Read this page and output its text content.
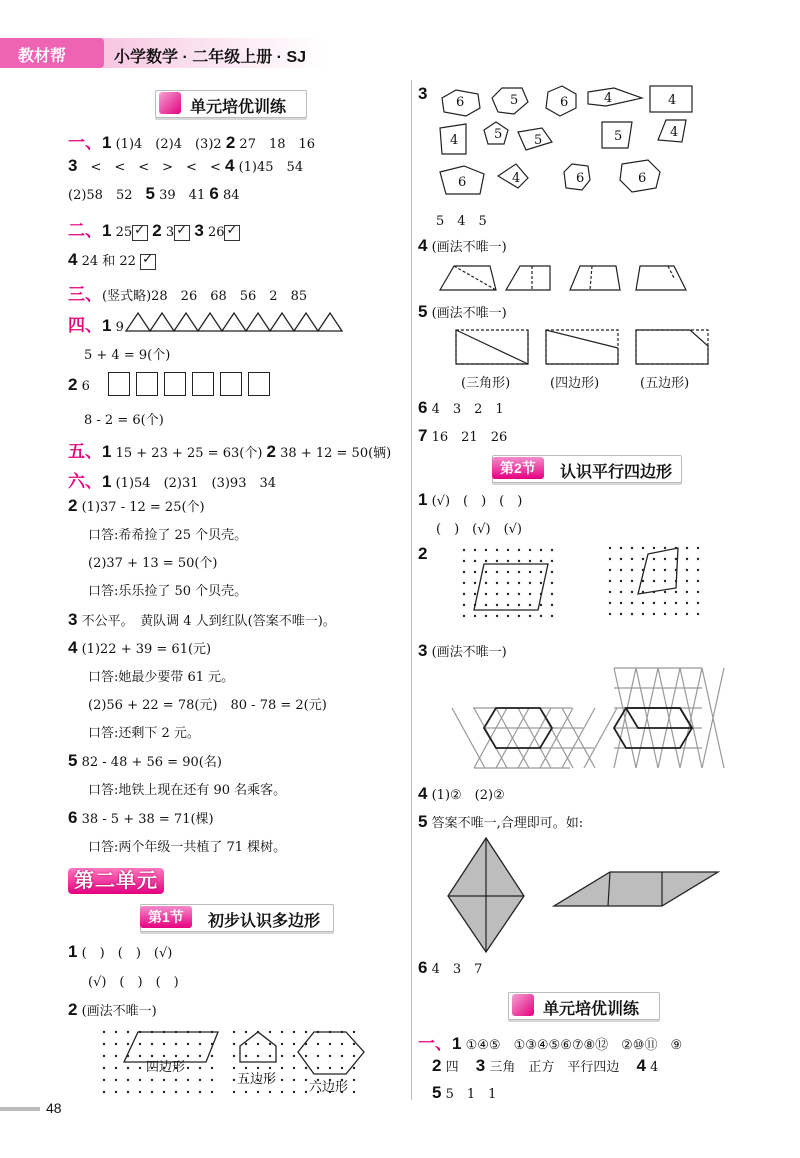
教材帮	小学数学 · 二年级上册 · SJ
单元培优训练
一、1 (1)4　(2)4　(3)2 2 27　18　16
3　 <　<　<　>　<　< 4 (1)45　54
(2)58　52　 5 39　41 6 84
二、1 25 ✓ 2 3 ✓ 3 26✓
4 24 和 22 ✓
三、(竖式略)28　26　68　56　2　85
四、1 9
5 + 4 = 9(个)
2 6
8 - 2 = 6(个)
五、1 15 + 23 + 25 = 63(个) 2 38 + 12 = 50(辆)
六、1 (1)54　(2)31　(3)93　34
2 (1)37 - 12 = 25(个)
口答:希希捡了 25 个贝壳。
(2)37 + 13 = 50(个)
口答:乐乐捡了 50 个贝壳。
3 不公平。　黄队调 4 人到红队(答案不唯一)。
4 (1)22 + 39 = 61(元)
口答:她最少要带 61 元。
(2)56 + 22 = 78(元)　80 - 78 = 2(元)
口答:还剩下 2 元。
5 82 - 48 + 56 = 90(名)
口答:地铁上现在还有 90 名乘客。
6 38 - 5 + 38 = 71(棵)
口答:两个年级一共植了 71 棵树。
第二单元
第1节	初步认识多边形
1 (　)　(　)　(√)
(√)　(　)　(　)
2 (画法不唯一)
四边形
五边形
六边形
48
3 6	5	6	4	4
4	5 5	5	4
6	4	6	6
5　4　5
4 (画法不唯一)
5 (画法不唯一)
(三角形)	(四边形)	(五边形)
6 4　3　2　1
7 16　21　26
第2节	认识平行四边形
1 (√)　(　)　(　)
(　)　(√)　(√)
2
3 (画法不唯一)
4 (1)②　(2)②
5 答案不唯一,合理即可。如:
6 4　3　7
单元培优训练
一、1 ①④⑤　①③④⑤⑥⑦⑧⑫　②⑩⑪　⑨
2 四　 3 三角　正方　平行四边　 4 4
5 5　1　1
